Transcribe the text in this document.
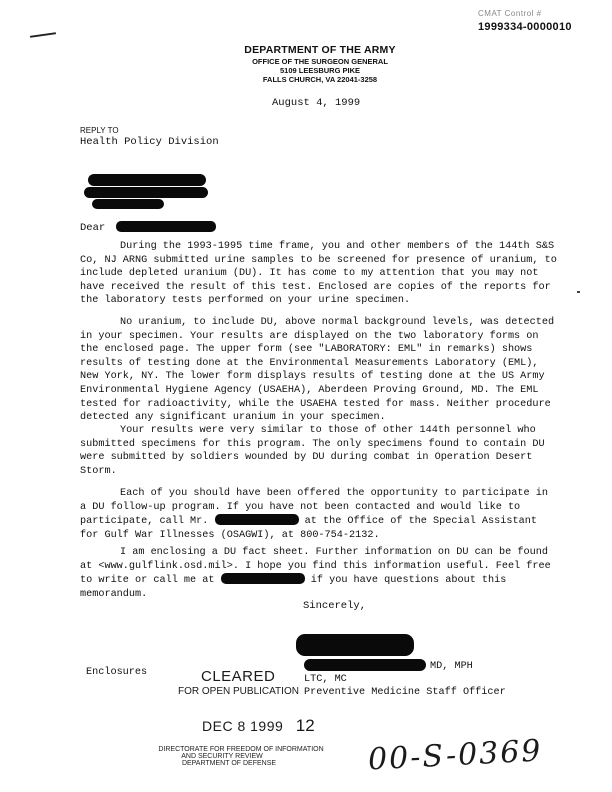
CMAT Control #
1999334-0000010
DEPARTMENT OF THE ARMY
OFFICE OF THE SURGEON GENERAL
5109 LEESBURG PIKE
FALLS CHURCH, VA 22041-3258
August 4, 1999
REPLY TO
Health Policy Division
Dear

During the 1993-1995 time frame, you and other members of the 144th S&S Co, NJ ARNG submitted urine samples to be screened for presence of uranium, to include depleted uranium (DU). It has come to my attention that you may not have received the result of this test. Enclosed are copies of the reports for the laboratory tests performed on your urine specimen.

No uranium, to include DU, above normal background levels, was detected in your specimen. Your results are displayed on the two laboratory forms on the enclosed page. The upper form (see "LABORATORY: EML" in remarks) shows results of testing done at the Environmental Measurements Laboratory (EML), New York, NY. The lower form displays results of testing done at the US Army Environmental Hygiene Agency (USAEHA), Aberdeen Proving Ground, MD. The EML tested for radioactivity, while the USAEHA tested for mass. Neither procedure detected any significant uranium in your specimen.

Your results were very similar to those of other 144th personnel who submitted specimens for this program. The only specimens found to contain DU were submitted by soldiers wounded by DU during combat in Operation Desert Storm.

Each of you should have been offered the opportunity to participate in a DU follow-up program. If you have not been contacted and would like to participate, call Mr.	at the Office of the Special Assistant for Gulf War Illnesses (OSAGWI), at 800-754-2132.

I am enclosing a DU fact sheet. Further information on DU can be found at <www.gulflink.osd.mil>. I hope you find this information useful. Feel free to write or call me at	if you have questions about this memorandum.

Sincerely,
MD, MPH
LTC, MC
Preventive Medicine Staff Officer
Enclosures	CLEARED
FOR OPEN PUBLICATION
DEC 8 1999 12
DIRECTORATE FOR FREEDOM OF INFORMATION
AND SECURITY REVIEW
DEPARTMENT OF DEFENSE	00-S-0369
